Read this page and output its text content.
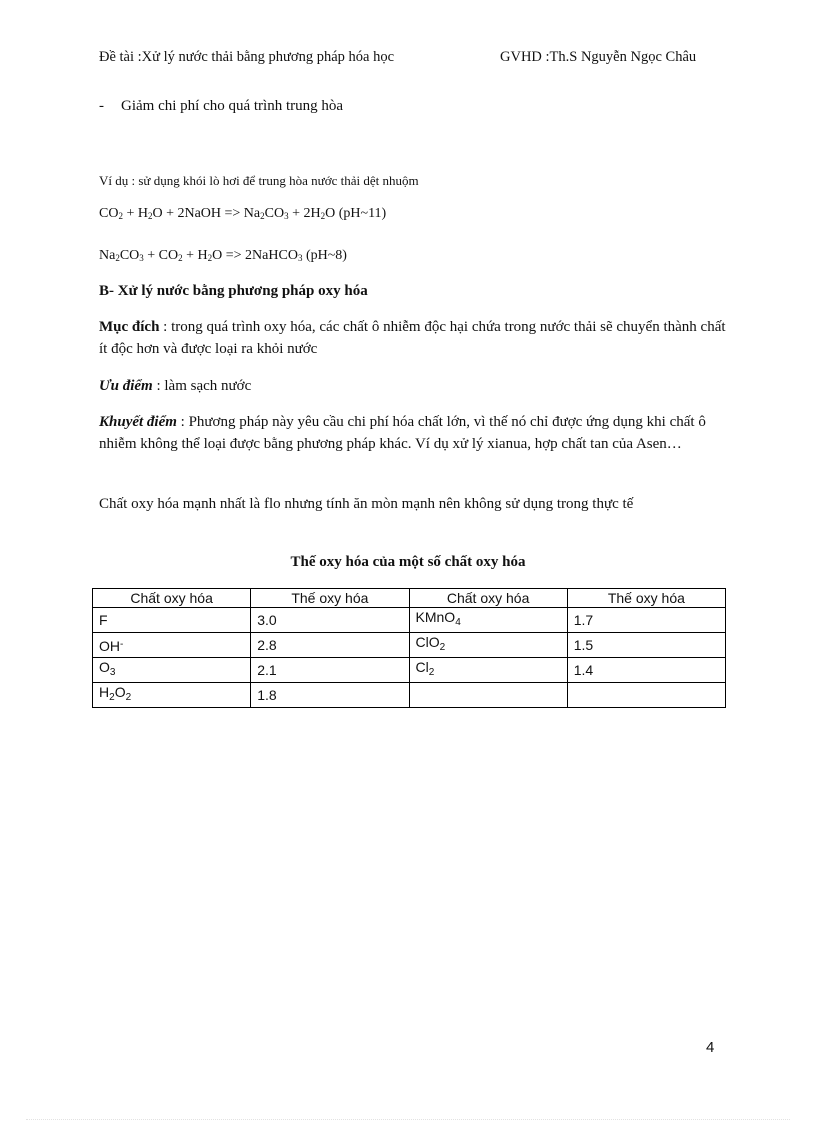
Đề tài :Xử lý nước thải bằng phương pháp hóa học	GVHD :Th.S Nguyễn Ngọc Châu
- Giảm chi phí cho quá trình trung hòa
Ví dụ : sử dụng khói lò hơi để trung hòa nước thải dệt nhuộm
$CO_2 + H_2O$ + 2NaOH => $Na_2CO_3 + 2H_2O$ (pH~11)
$Na_2CO_3 + CO_2 + H_2O$ => 2NaHCO$_3$ (pH~8)
B- Xử lý nước bằng phương pháp oxy hóa
Mục đích : trong quá trình oxy hóa, các chất ô nhiễm độc hại chứa trong nước thải sẽ chuyển thành chất ít độc hơn và được loại ra khỏi nước
Ưu điểm : làm sạch nước
Khuyết điểm : Phương pháp này yêu cầu chi phí hóa chất lớn, vì thế nó chỉ được ứng dụng khi chất ô nhiễm không thể loại được bằng phương pháp khác. Ví dụ xử lý xianua, hợp chất tan của Asen…
Chất oxy hóa mạnh nhất là flo nhưng tính ăn mòn mạnh nên không sử dụng trong thực tế
Thế oxy hóa của một số chất oxy hóa
Chất oxy hóa	Thế oxy hóa	Chất oxy hóa	Thế oxy hóa
F	3.0	KMnO$_4$	1.7
OH-	2.8	ClO$_2$	1.5
$O_3$	2.1	$Cl_2$	1.4
$H_2O_2$	1.8		
4
